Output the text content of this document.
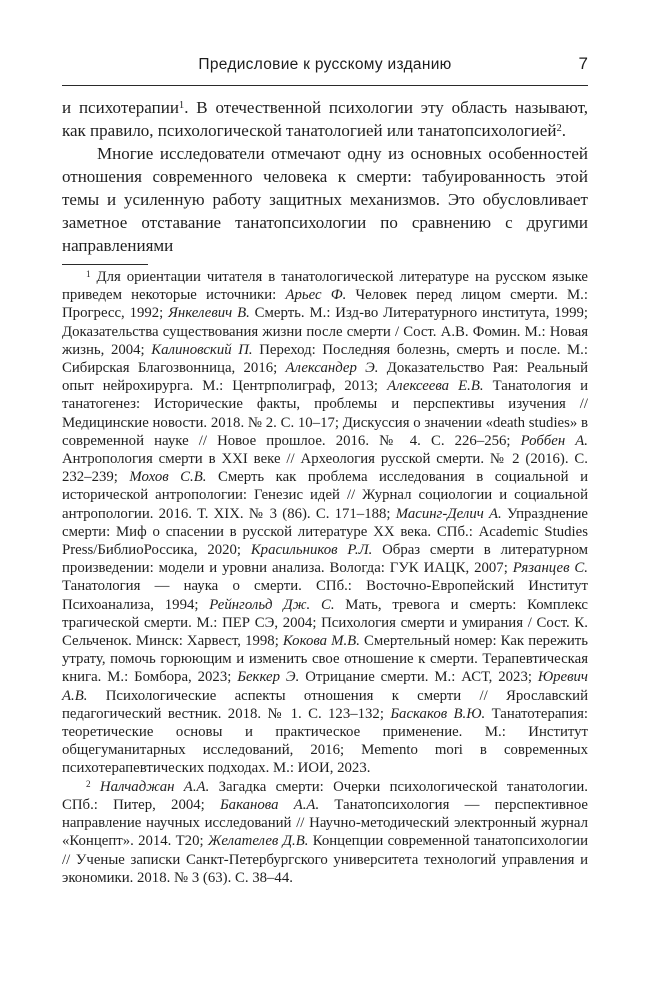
Предисловие к русскому изданию	7

и психотерапии$^1$. В отечественной психологии эту область называют, как правило, психологической танатологией или танатопсихологией$^2$.

Многие исследователи отмечают одну из основных особенностей отношения современного человека к смерти: табуированность этой темы и усиленную работу защитных механизмов. Это обусловливает заметное отставание танатопсихологии по сравнению с другими направлениями

$^1$ Для ориентации читателя в танатологической литературе на русском языке приведем некоторые источники: Арьес Ф. Человек перед лицом смерти. М.: Прогресс, 1992; Янкелевич В. Смерть. М.: Изд-во Литературного института, 1999; Доказательства существования жизни после смерти / Сост. А.В. Фомин. М.: Новая жизнь, 2004; Калиновский П. Переход: Последняя болезнь, смерть и после. М.: Сибирская Благозвонница, 2016; Александер Э. Доказательство Рая: Реальный опыт нейрохирурга. М.: Центрполиграф, 2013; Алексеева Е.В. Танатология и танатогенез: Исторические факты, проблемы и перспективы изучения // Медицинские новости. 2018. № 2. С. 10–17; Дискуссия о значении «death studies» в современной науке // Новое прошлое. 2016. № 4. С. 226–256; Роббен А. Антропология смерти в XXI веке // Археология русской смерти. № 2 (2016). С. 232–239; Мохов С.В. Смерть как проблема исследования в социальной и исторической антропологии: Генезис идей // Журнал социологии и социальной антропологии. 2016. Т. XIX. № 3 (86). С. 171–188; Масинг-Делич А. Упразднение смерти: Миф о спасении в русской литературе XX века. СПб.: Academic Studies Press/БиблиоРоссика, 2020; Красильников Р.Л. Образ смерти в литературном произведении: модели и уровни анализа. Вологда: ГУК ИАЦК, 2007; Рязанцев С. Танатология — наука о смерти. СПб.: Восточно-Европейский Институт Психоанализа, 1994; Рейнгольд Дж. С. Мать, тревога и смерть: Комплекс трагической смерти. М.: ПЕР СЭ, 2004; Психология смерти и умирания / Сост. К. Сельченок. Минск: Харвест, 1998; Кокова М.В. Смертельный номер: Как пережить утрату, помочь горюющим и изменить свое отношение к смерти. Терапевтическая книга. М.: Бомбора, 2023; Беккер Э. Отрицание смерти. М.: АСТ, 2023; Юревич А.В. Психологические аспекты отношения к смерти // Ярославский педагогический вестник. 2018. № 1. С. 123–132; Баскаков В.Ю. Танатотерапия: теоретические основы и практическое применение. М.: Институт общегуманитарных исследований, 2016; Memento mori в современных психотерапевтических подходах. М.: ИОИ, 2023.

$^2$ Налчаджан А.А. Загадка смерти: Очерки психологической танатологии. СПб.: Питер, 2004; Баканова А.А. Танатопсихология — перспективное направление научных исследований // Научно-методический электронный журнал «Концепт». 2014. Т20; Желателев Д.В. Концепции современной танатопсихологии // Ученые записки Санкт-Петербургского университета технологий управления и экономики. 2018. № 3 (63). С. 38–44.
